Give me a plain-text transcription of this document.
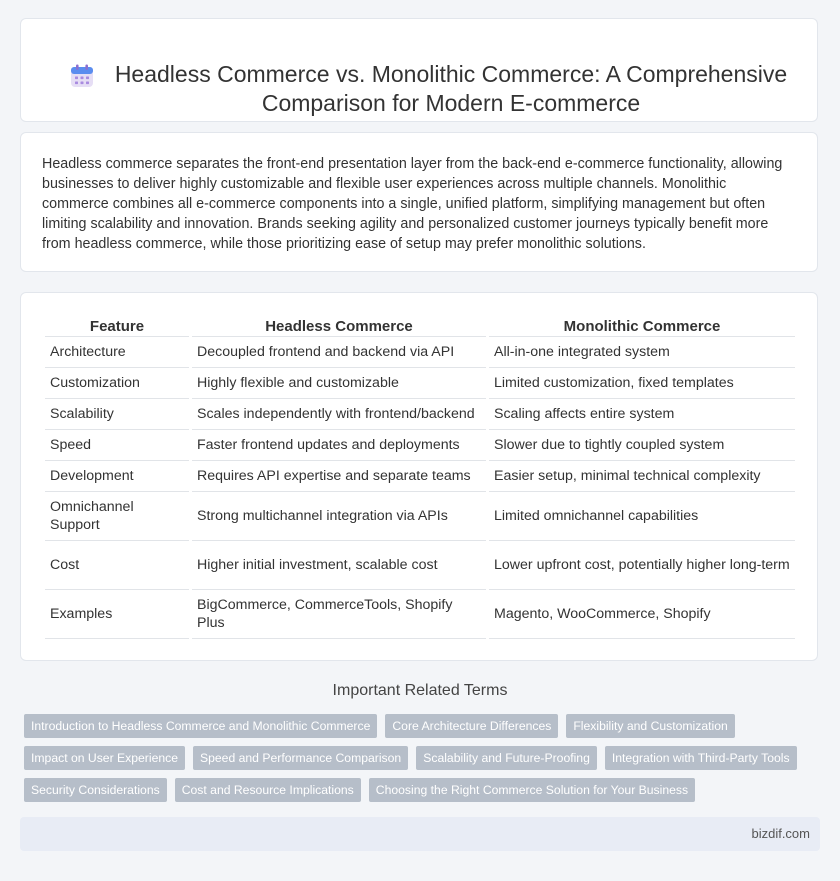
Headless Commerce vs. Monolithic Commerce: A Comprehensive Comparison for Modern E-commerce

Headless commerce separates the front-end presentation layer from the back-end e-commerce functionality, allowing businesses to deliver highly customizable and flexible user experiences across multiple channels. Monolithic commerce combines all e-commerce components into a single, unified platform, simplifying management but often limiting scalability and innovation. Brands seeking agility and personalized customer journeys typically benefit more from headless commerce, while those prioritizing ease of setup may prefer monolithic solutions.

Feature	Headless Commerce	Monolithic Commerce
Architecture	Decoupled frontend and backend via API	All-in-one integrated system
Customization	Highly flexible and customizable	Limited customization, fixed templates
Scalability	Scales independently with frontend/backend	Scaling affects entire system
Speed	Faster frontend updates and deployments	Slower due to tightly coupled system
Development	Requires API expertise and separate teams	Easier setup, minimal technical complexity
Omnichannel Support	Strong multichannel integration via APIs	Limited omnichannel capabilities
Cost	Higher initial investment, scalable cost	Lower upfront cost, potentially higher long-term
Examples	BigCommerce, CommerceTools, Shopify Plus	Magento, WooCommerce, Shopify
Important Related Terms
Introduction to Headless Commerce and Monolithic Commerce	Core Architecture Differences	Flexibility and Customization
Impact on User Experience	Speed and Performance Comparison	Scalability and Future-Proofing	Integration with Third-Party Tools
Security Considerations	Cost and Resource Implications	Choosing the Right Commerce Solution for Your Business
bizdif.com
